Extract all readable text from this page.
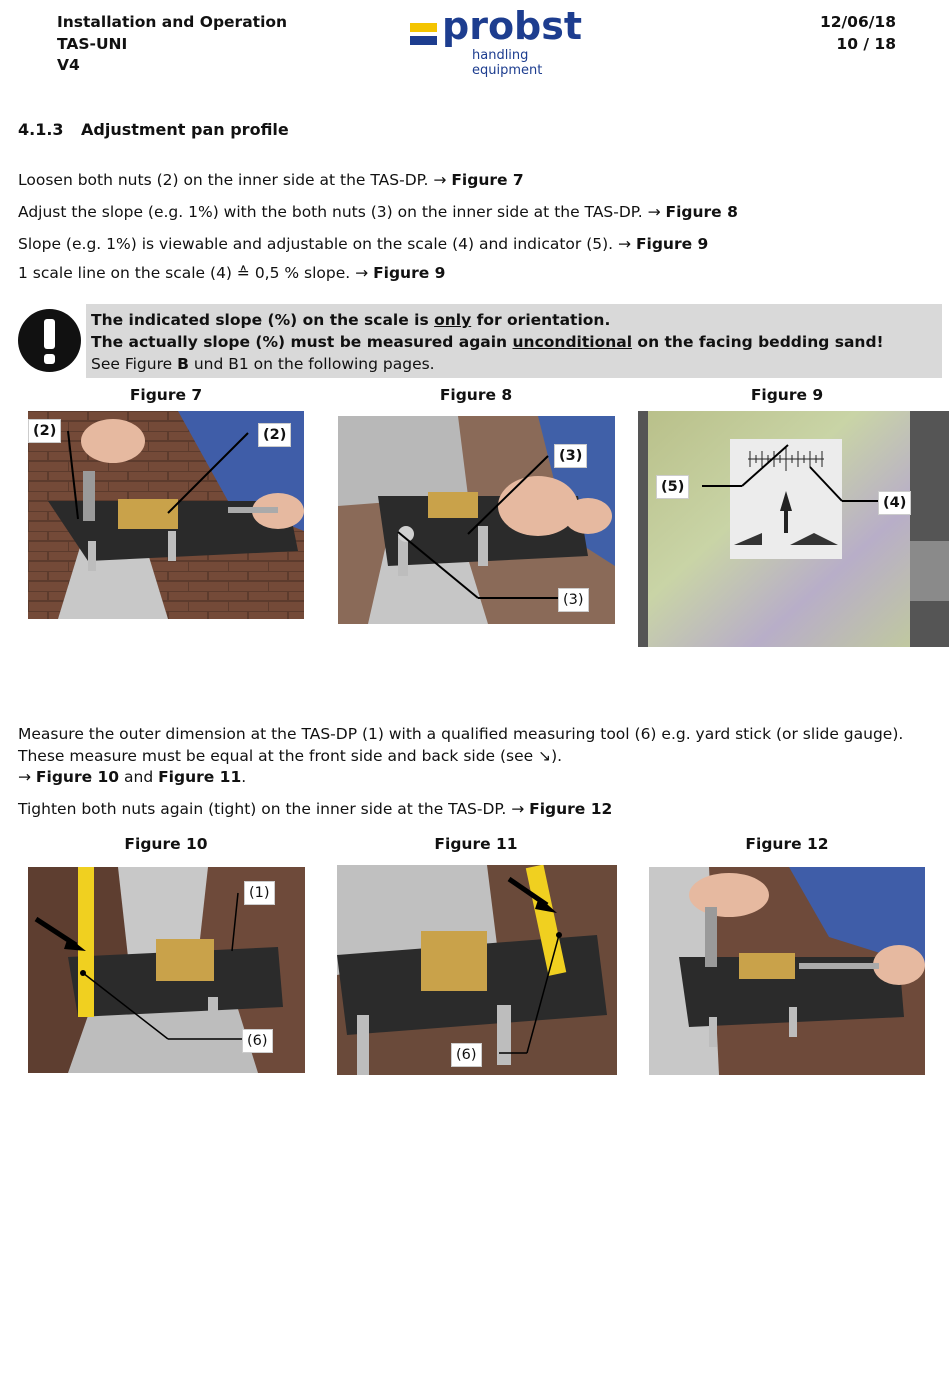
Installation and Operation
TAS-UNI
V4
probst
handling equipment
12/06/18
10 / 18
4.1.3 Adjustment pan profile
Loosen both nuts (2) on the inner side at the TAS-DP. → Figure 7
Adjust the slope (e.g. 1%) with the both nuts (3) on the inner side at the TAS-DP. → Figure 8
Slope (e.g. 1%) is viewable and adjustable on the scale (4) and indicator (5). → Figure 9
1 scale line on the scale (4) ≙ 0,5 % slope. → Figure 9
The indicated slope (%) on the scale is only for orientation.
The actually slope (%) must be measured again unconditional on the facing bedding sand!
See Figure B und B1 on the following pages.
Figure 7	Figure 8	Figure 9
(2)	(2)
(3)
(3)
(5)
(4)
Measure the outer dimension at the TAS-DP (1) with a qualified measuring tool (6) e.g. yard stick (or slide gauge). These measure must be equal at the front side and back side (see ↘).
→ Figure 10 and Figure 11.
Tighten both nuts again (tight) on the inner side at the TAS-DP. → Figure 12
Figure 10	Figure 11	Figure 12
(1)
(6)
(6)
